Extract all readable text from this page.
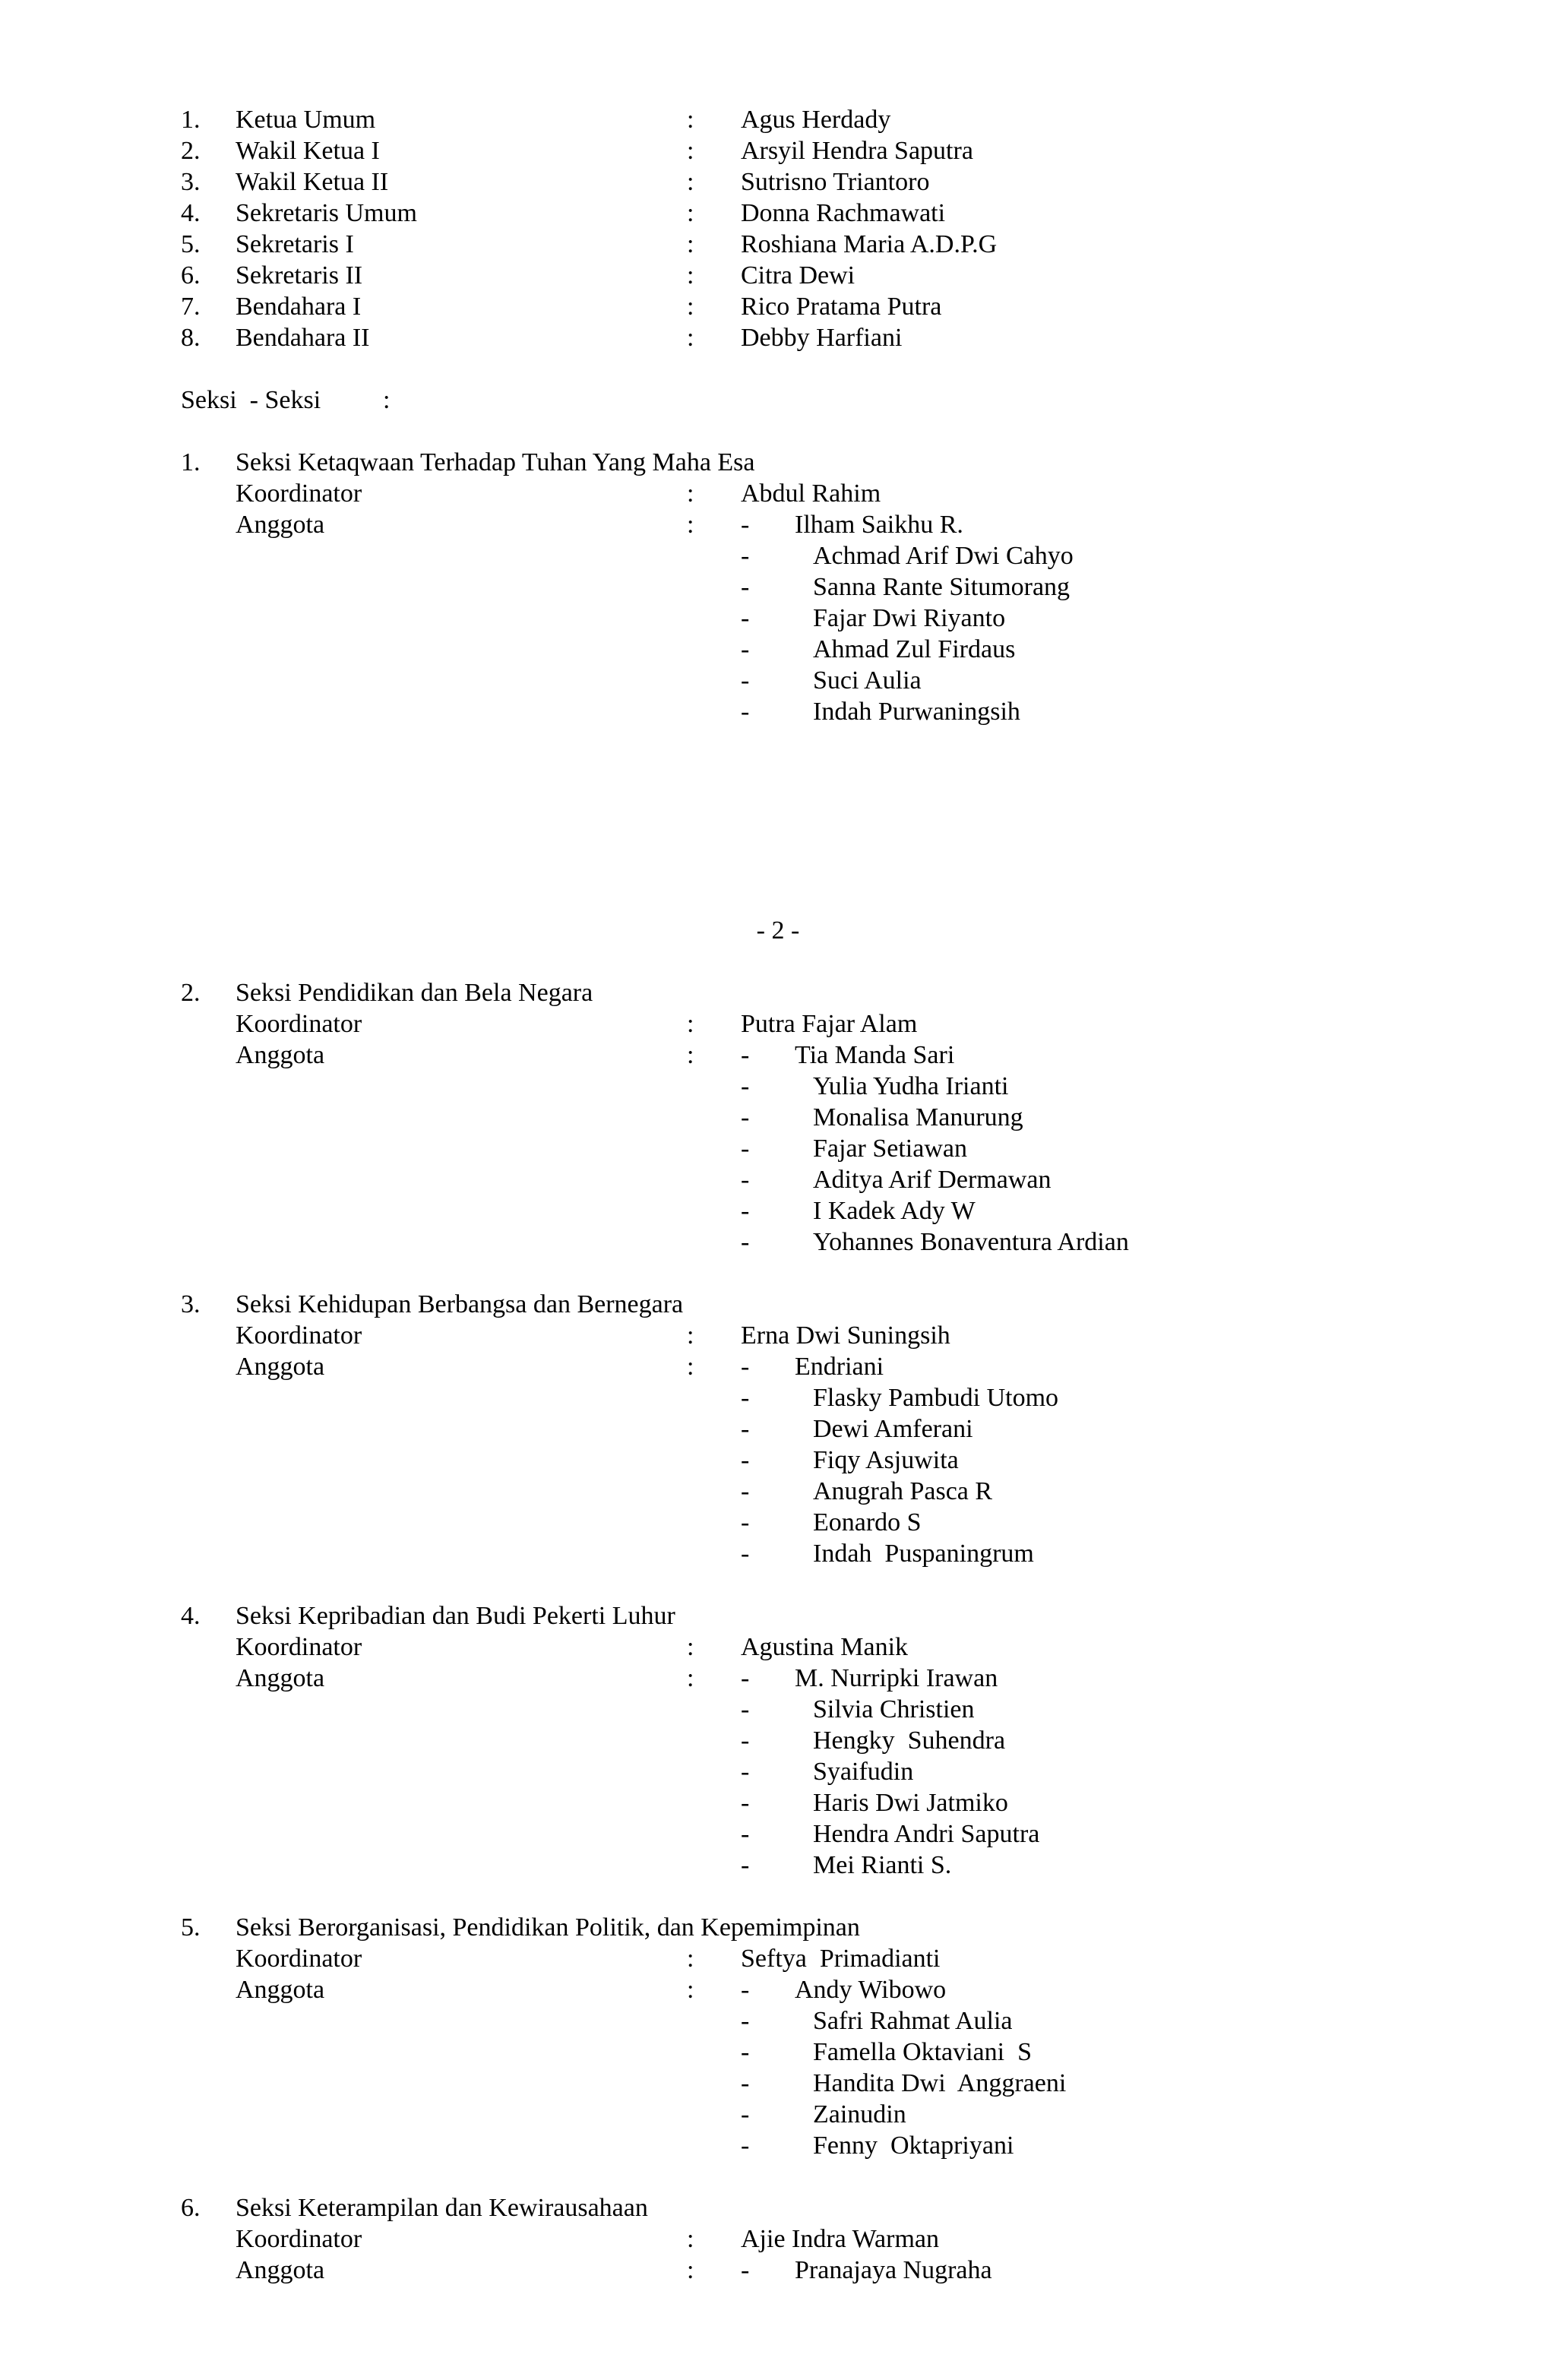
1. Ketua Umum	: Agus Herdady
2. Wakil Ketua I	: Arsyil Hendra Saputra
3. Wakil Ketua II	: Sutrisno Triantoro
4. Sekretaris Umum	: Donna Rachmawati
5. Sekretaris I	: Roshiana Maria A.D.P.G
6. Sekretaris II	: Citra Dewi
7. Bendahara I	: Rico Pratama Putra
8. Bendahara II	: Debby Harfiani
Seksi  - Seksi :
1. Seksi Ketaqwaan Terhadap Tuhan Yang Maha Esa
Koordinator	: Abdul Rahim
Anggota	: - Ilham Saikhu R.
- Achmad Arif Dwi Cahyo
- Sanna Rante Situmorang
- Fajar Dwi Riyanto
- Ahmad Zul Firdaus
- Suci Aulia
- Indah Purwaningsih
2. Seksi Pendidikan dan Bela Negara
Koordinator	: Putra Fajar Alam
Anggota	: - Tia Manda Sari
- Yulia Yudha Irianti
- Monalisa Manurung
- Fajar Setiawan
- Aditya Arif Dermawan
- I Kadek Ady W
- Yohannes Bonaventura Ardian
3. Seksi Kehidupan Berbangsa dan Bernegara
Koordinator	: Erna Dwi Suningsih
Anggota	: - Endriani
- Flasky Pambudi Utomo
- Dewi Amferani
- Fiqy Asjuwita
- Anugrah Pasca R
- Eonardo S
- Indah  Puspaningrum
4. Seksi Kepribadian dan Budi Pekerti Luhur
Koordinator	: Agustina Manik
Anggota	: - M. Nurripki Irawan
- Silvia Christien
- Hengky  Suhendra
- Syaifudin
- Haris Dwi Jatmiko
- Hendra Andri Saputra
- Mei Rianti S.
5. Seksi Berorganisasi, Pendidikan Politik, dan Kepemimpinan
Koordinator	: Seftya  Primadianti
Anggota	: - Andy Wibowo
- Safri Rahmat Aulia
- Famella Oktaviani  S
- Handita Dwi  Anggraeni
- Zainudin
- Fenny  Oktapriyani
6. Seksi Keterampilan dan Kewirausahaan
Koordinator	: Ajie Indra Warman
Anggota	: - Pranajaya Nugraha
- 2 -
